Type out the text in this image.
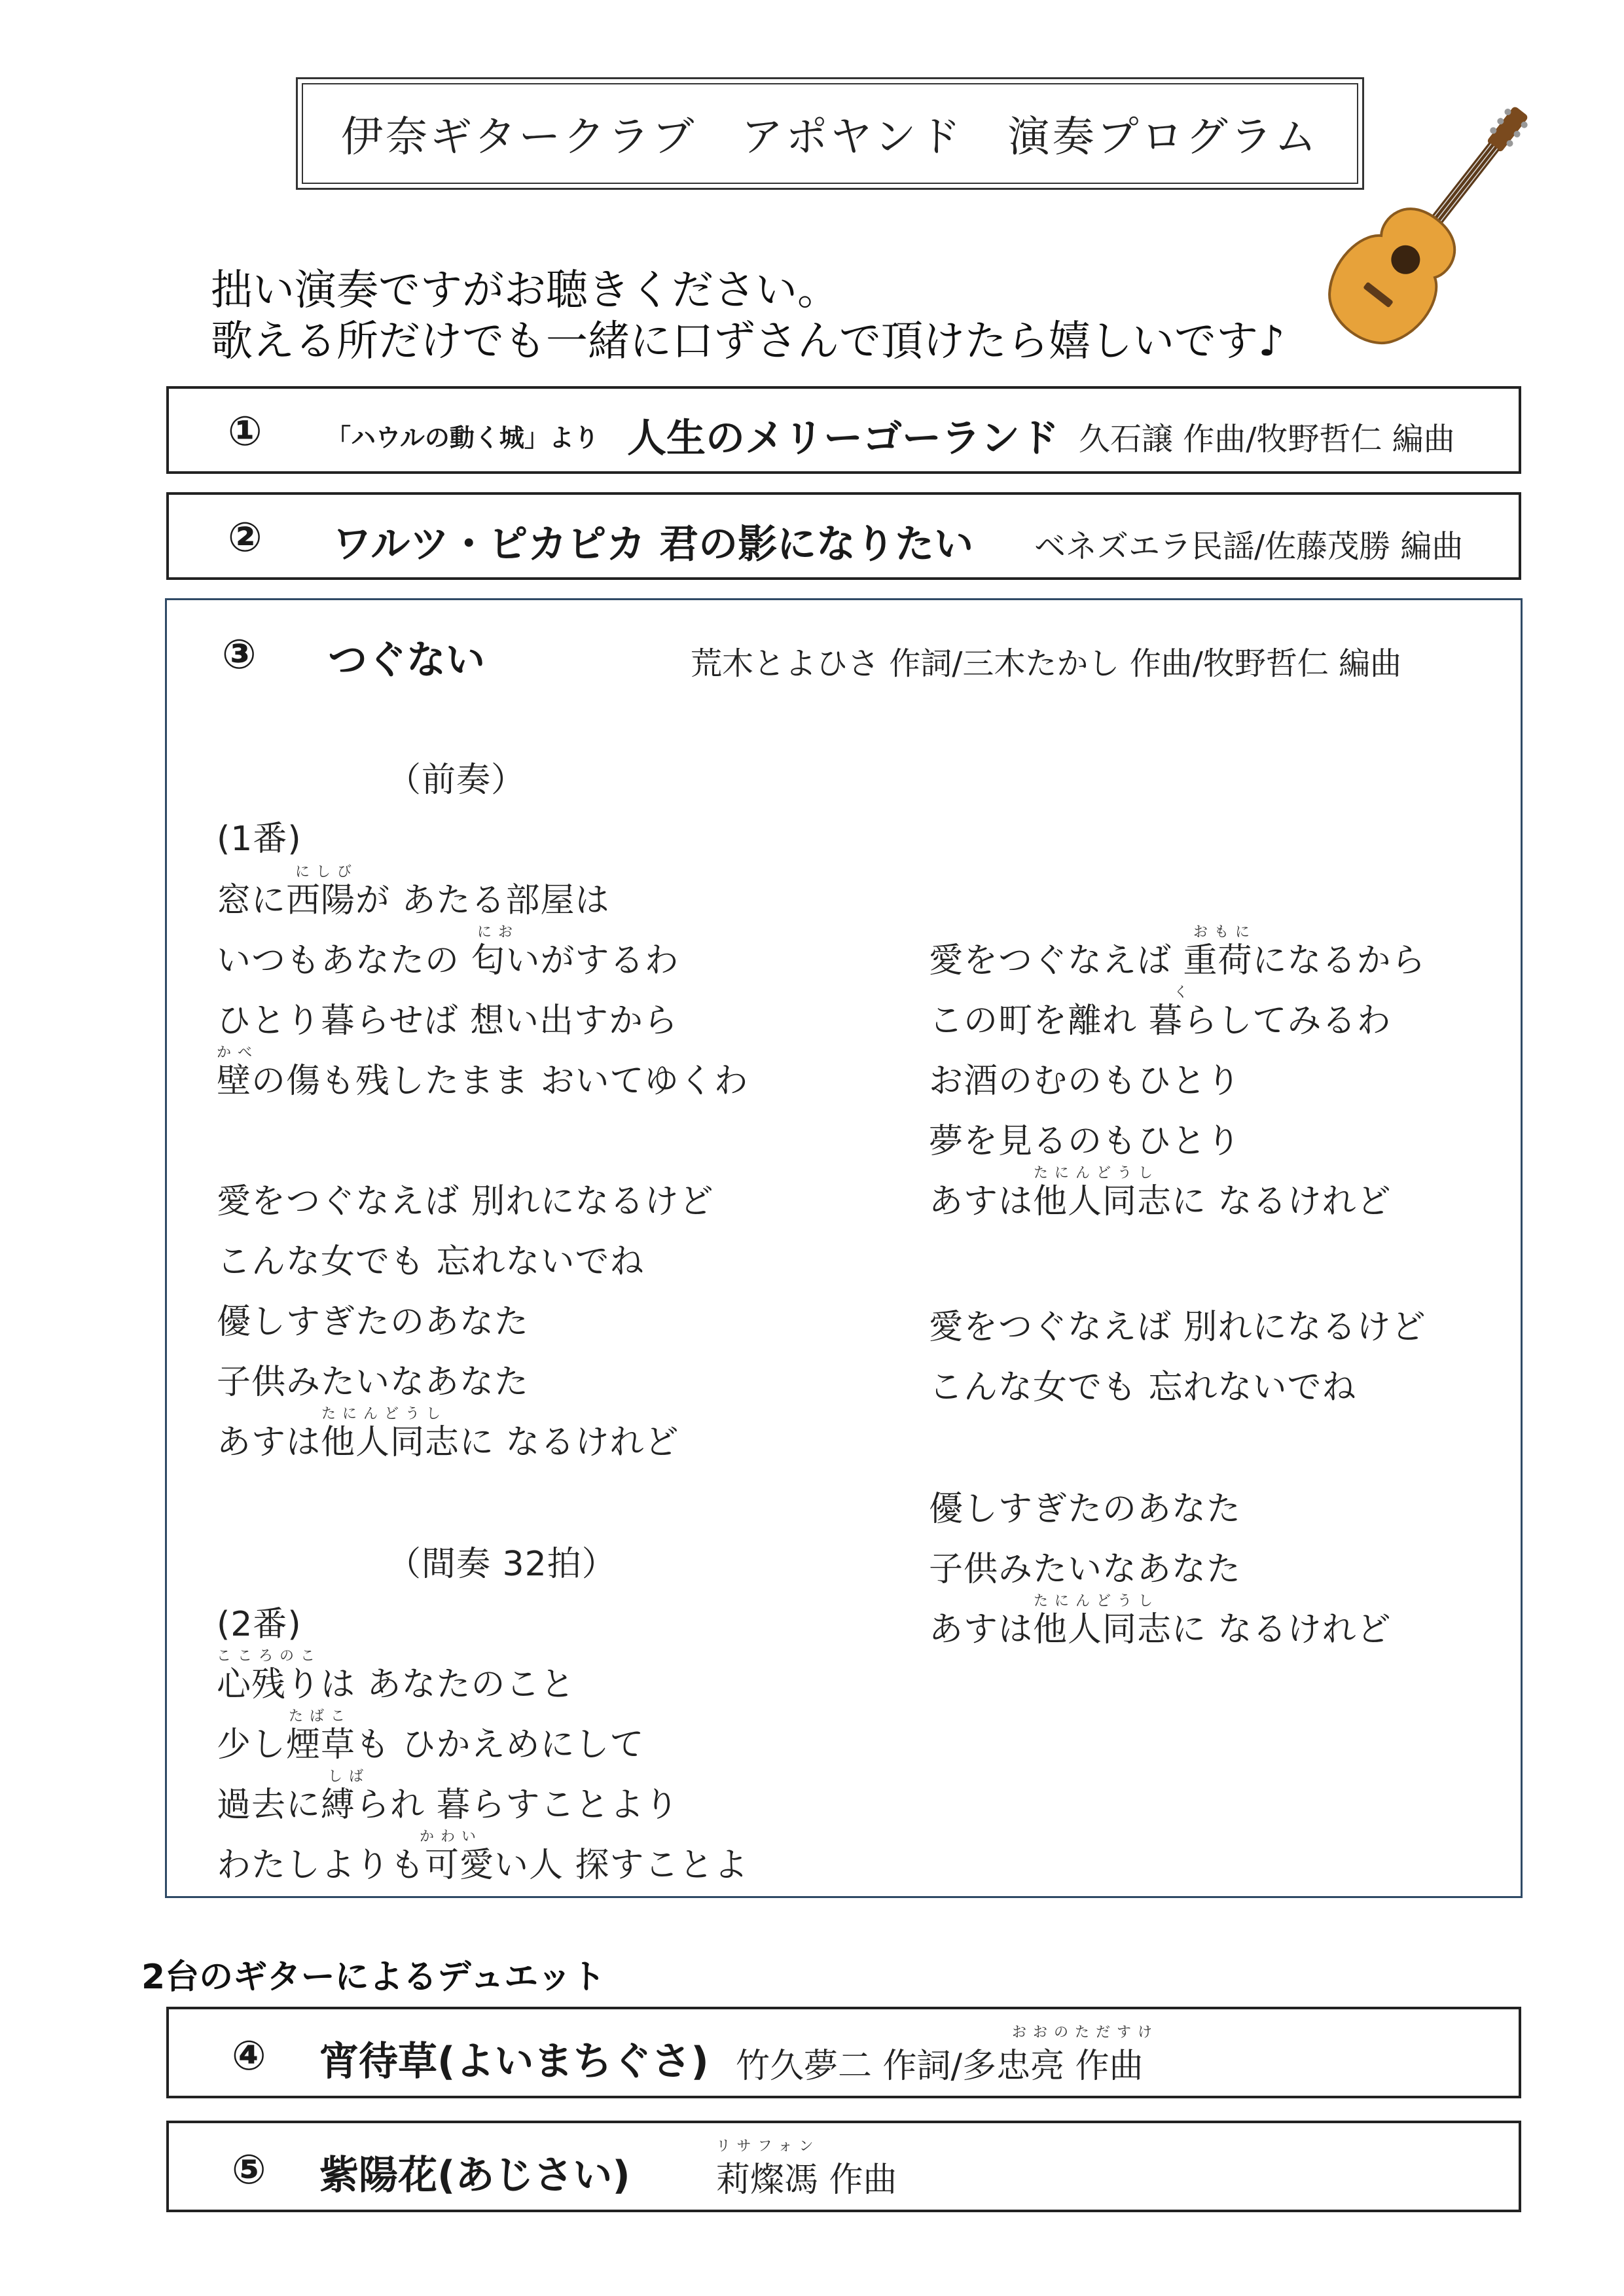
伊奈ギタークラブ　アポヤンド　演奏プログラム
拙い演奏ですがお聴きください。
歌える所だけでも一緒に口ずさんで頂けたら嬉しいです♪
①	「ハウルの動く城」より 人生のメリーゴーランド 久石譲 作曲/牧野哲仁 編曲
② ワルツ・ピカピカ 君の影になりたい ベネズエラ民謡/佐藤茂勝 編曲
③ つぐない	荒木とよひさ 作詞/三木たかし 作曲/牧野哲仁 編曲
（前奏）
(1番)
にしび
窓に西陽が あたる部屋は
にお
いつもあなたの 匂いがするわ
ひとり暮らせば 想い出すから
かべ
壁の傷も残したまま おいてゆくわ
愛をつぐなえば 別れになるけど
こんな女でも 忘れないでね
優しすぎたのあなた
子供みたいなあなた
たにんどうし
あすは他人同志に なるけれど
（間奏 32拍）
(2番)
こころのこ
心残りは あなたのこと
たばこ
少し煙草も ひかえめにして
しば
過去に縛られ 暮らすことより
かわい
わたしよりも可愛い人 探すことよ
おもに
愛をつぐなえば 重荷になるから
く
この町を離れ 暮らしてみるわ
お酒のむのもひとり
夢を見るのもひとり
たにんどうし
あすは他人同志に なるけれど
愛をつぐなえば 別れになるけど
こんな女でも 忘れないでね
優しすぎたのあなた
子供みたいなあなた
たにんどうし
あすは他人同志に なるけれど
2台のギターによるデュエット
④ 宵待草(よいまちぐさ)
おおのただすけ
竹久夢二 作詞/多忠亮 作曲
⑤ 紫陽花(あじさい)
リサフォン
莉燦馮 作曲
